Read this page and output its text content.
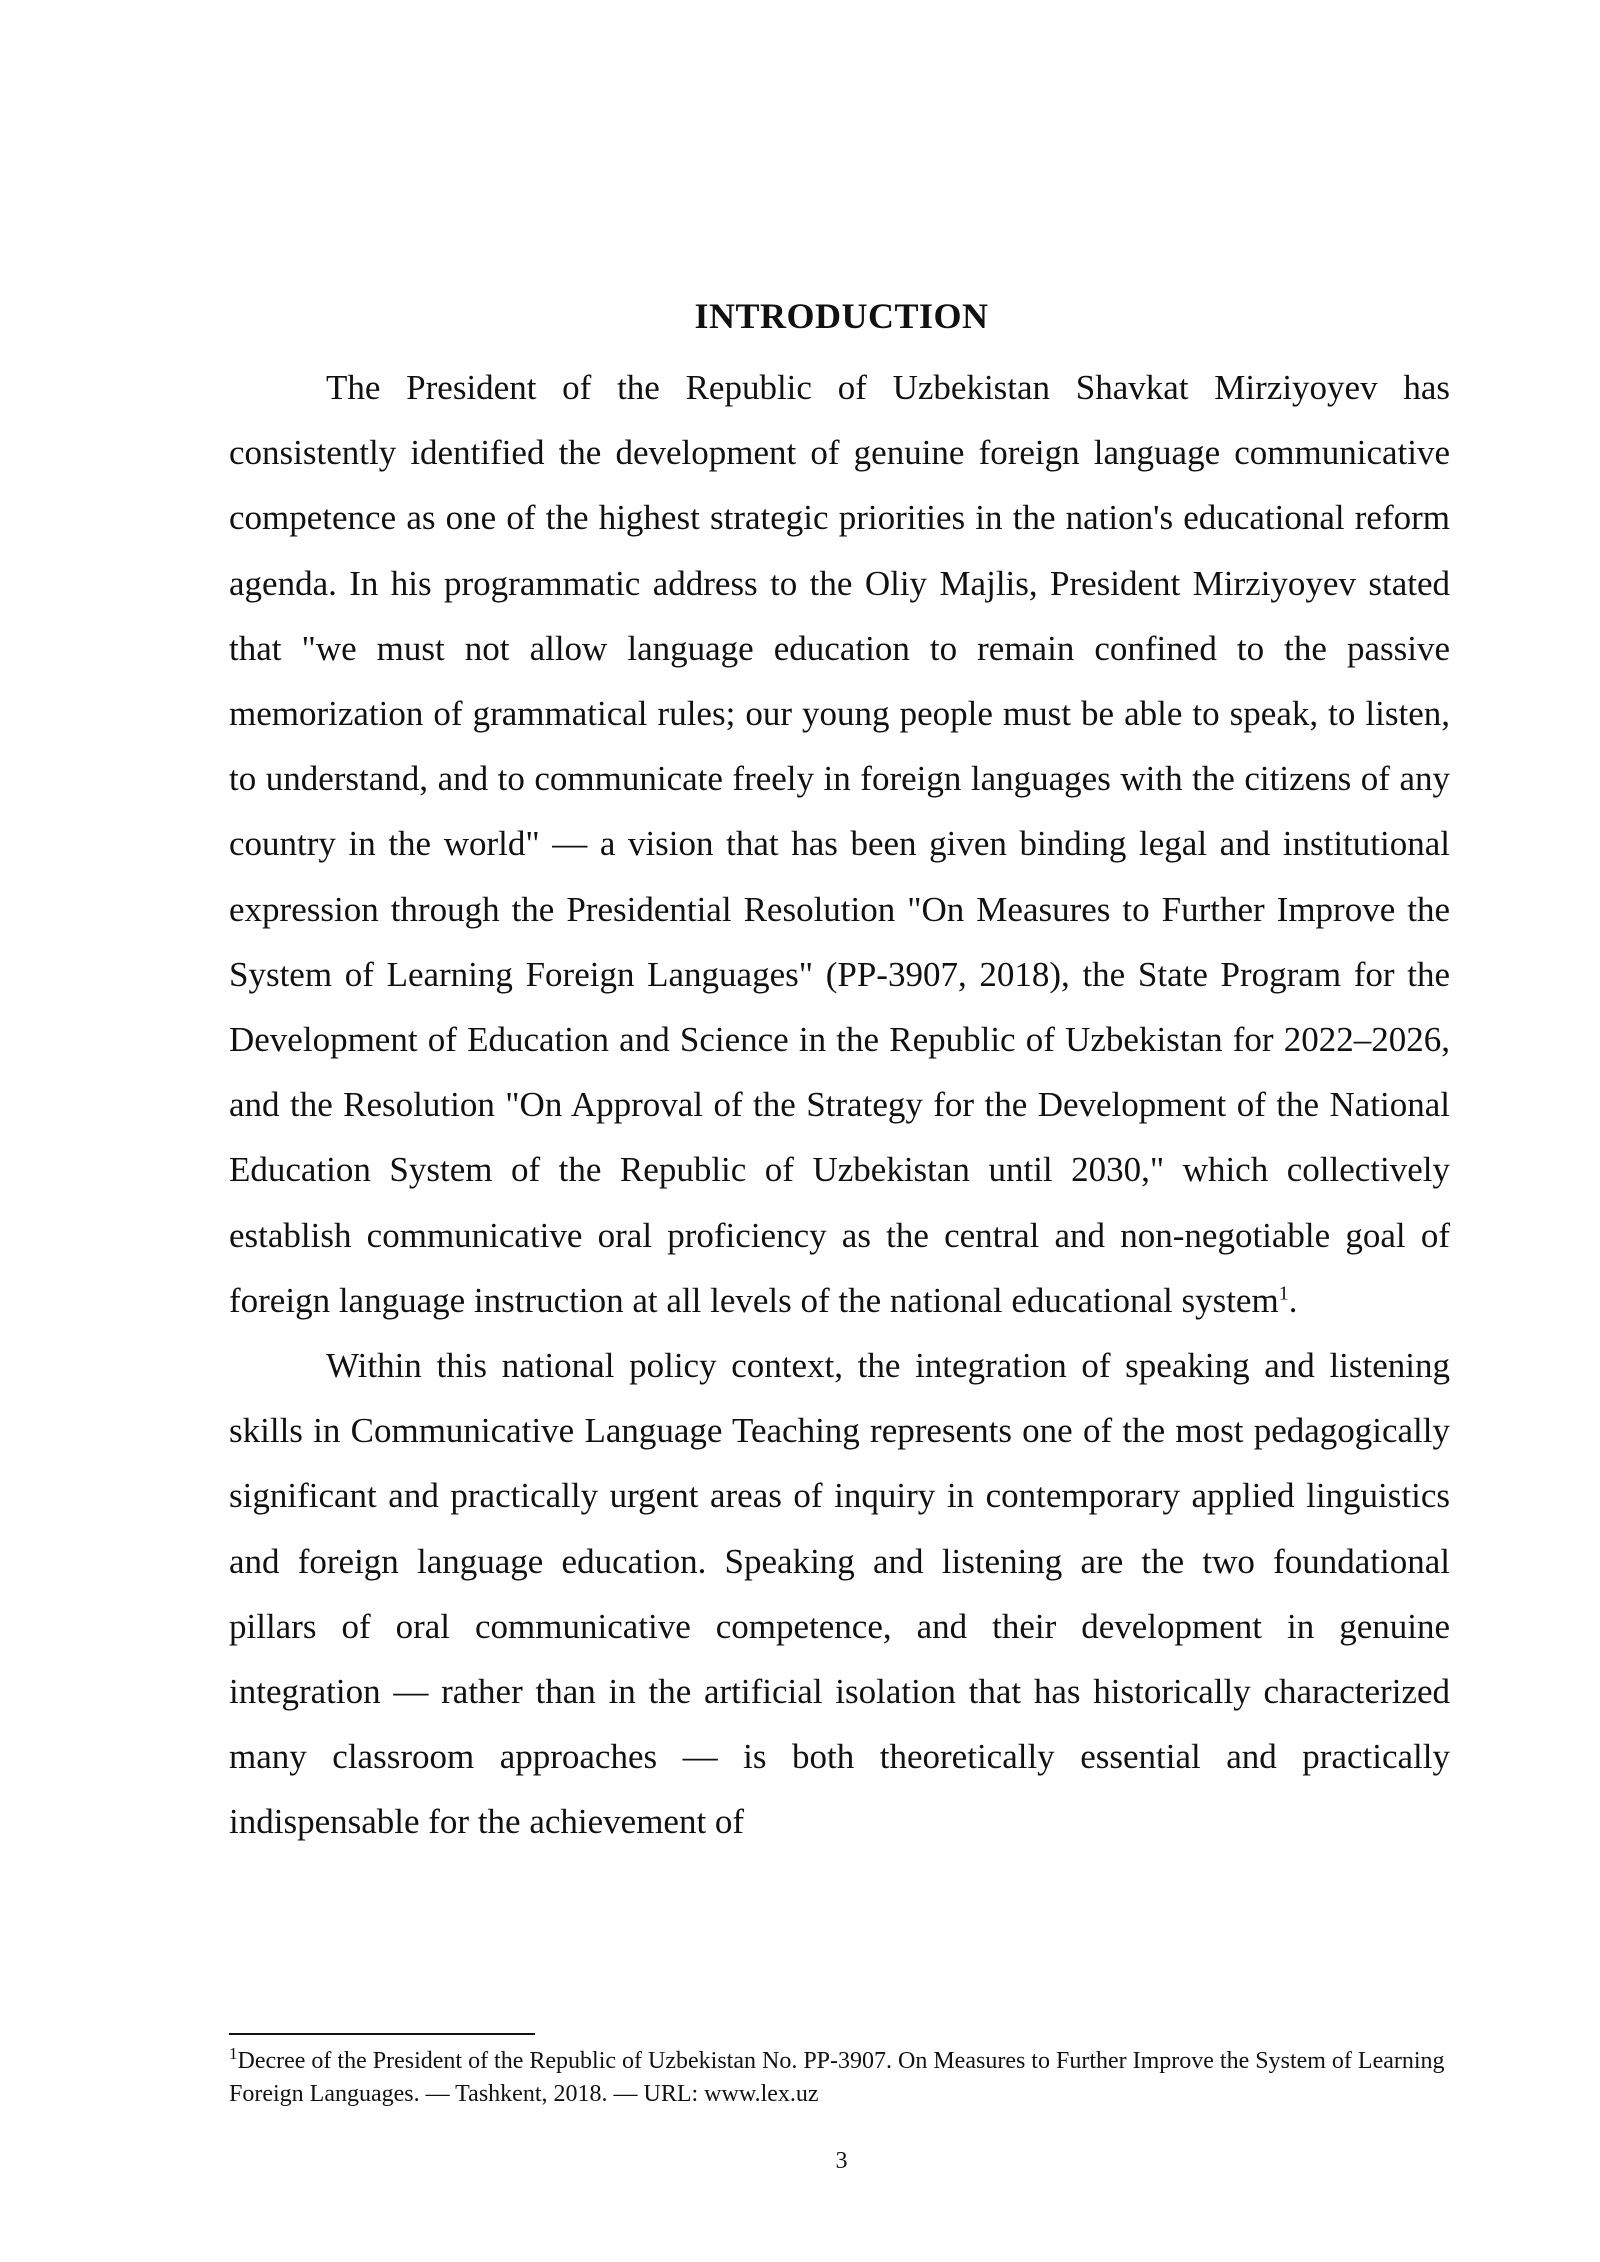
INTRODUCTION

The President of the Republic of Uzbekistan Shavkat Mirziyoyev has consistently identified the development of genuine foreign language communicative competence as one of the highest strategic priorities in the nation's educational reform agenda. In his programmatic address to the Oliy Majlis, President Mirziyoyev stated that "we must not allow language education to remain confined to the passive memorization of grammatical rules; our young people must be able to speak, to listen, to understand, and to communicate freely in foreign languages with the citizens of any country in the world" — a vision that has been given binding legal and institutional expression through the Presidential Resolution "On Measures to Further Improve the System of Learning Foreign Languages" (PP-3907, 2018), the State Program for the Development of Education and Science in the Republic of Uzbekistan for 2022–2026, and the Resolution "On Approval of the Strategy for the Development of the National Education System of the Republic of Uzbekistan until 2030," which collectively establish communicative oral proficiency as the central and non-negotiable goal of foreign language instruction at all levels of the national educational system$^1$.

Within this national policy context, the integration of speaking and listening skills in Communicative Language Teaching represents one of the most pedagogically significant and practically urgent areas of inquiry in contemporary applied linguistics and foreign language education. Speaking and listening are the two foundational pillars of oral communicative competence, and their development in genuine integration — rather than in the artificial isolation that has historically characterized many classroom approaches — is both theoretically essential and practically indispensable for the achievement of

$^1$Decree of the President of the Republic of Uzbekistan No. PP-3907. On Measures to Further Improve the System of Learning Foreign Languages. — Tashkent, 2018. — URL: www.lex.uz
3
